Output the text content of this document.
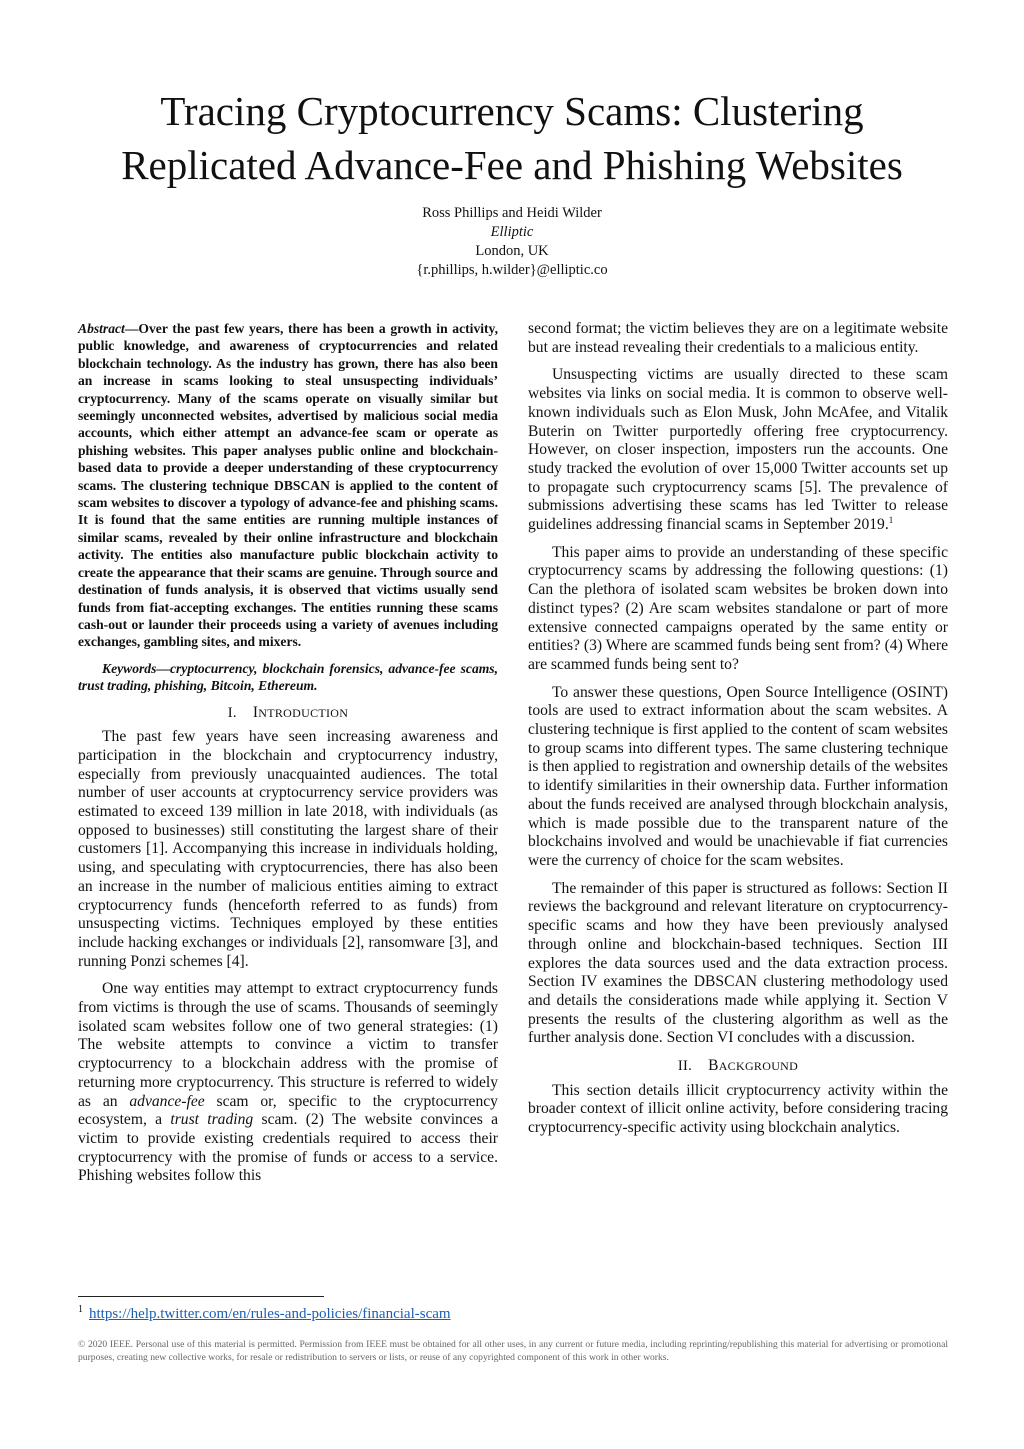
Tracing Cryptocurrency Scams: Clustering
Replicated Advance-Fee and Phishing Websites
Ross Phillips and Heidi Wilder
Elliptic
London, UK
{r.phillips, h.wilder}@elliptic.co

Abstract—Over the past few years, there has been a growth in activity, public knowledge, and awareness of cryptocurrencies and related blockchain technology. As the industry has grown, there has also been an increase in scams looking to steal unsuspecting individuals’ cryptocurrency. Many of the scams operate on visually similar but seemingly unconnected websites, advertised by malicious social media accounts, which either attempt an advance-fee scam or operate as phishing websites. This paper analyses public online and blockchain-based data to provide a deeper understanding of these cryptocurrency scams. The clustering technique DBSCAN is applied to the content of scam websites to discover a typology of advance-fee and phishing scams. It is found that the same entities are running multiple instances of similar scams, revealed by their online infrastructure and blockchain activity. The entities also manufacture public blockchain activity to create the appearance that their scams are genuine. Through source and destination of funds analysis, it is observed that victims usually send funds from fiat-accepting exchanges. The entities running these scams cash-out or launder their proceeds using a variety of avenues including exchanges, gambling sites, and mixers.

Keywords—cryptocurrency, blockchain forensics, advance-fee scams, trust trading, phishing, Bitcoin, Ethereum.

I. INTRODUCTION

The past few years have seen increasing awareness and participation in the blockchain and cryptocurrency industry, especially from previously unacquainted audiences. The total number of user accounts at cryptocurrency service providers was estimated to exceed 139 million in late 2018, with individuals (as opposed to businesses) still constituting the largest share of their customers [1]. Accompanying this increase in individuals holding, using, and speculating with cryptocurrencies, there has also been an increase in the number of malicious entities aiming to extract cryptocurrency funds (henceforth referred to as funds) from unsuspecting victims. Techniques employed by these entities include hacking exchanges or individuals [2], ransomware [3], and running Ponzi schemes [4].

One way entities may attempt to extract cryptocurrency funds from victims is through the use of scams. Thousands of seemingly isolated scam websites follow one of two general strategies: (1) The website attempts to convince a victim to transfer cryptocurrency to a blockchain address with the promise of returning more cryptocurrency. This structure is referred to widely as an advance-fee scam or, specific to the cryptocurrency ecosystem, a trust trading scam. (2) The website convinces a victim to provide existing credentials required to access their cryptocurrency with the promise of funds or access to a service. Phishing websites follow this

second format; the victim believes they are on a legitimate website but are instead revealing their credentials to a malicious entity.

Unsuspecting victims are usually directed to these scam websites via links on social media. It is common to observe well-known individuals such as Elon Musk, John McAfee, and Vitalik Buterin on Twitter purportedly offering free cryptocurrency. However, on closer inspection, imposters run the accounts. One study tracked the evolution of over 15,000 Twitter accounts set up to propagate such cryptocurrency scams [5]. The prevalence of submissions advertising these scams has led Twitter to release guidelines addressing financial scams in September 2019.$^1$

This paper aims to provide an understanding of these specific cryptocurrency scams by addressing the following questions: (1) Can the plethora of isolated scam websites be broken down into distinct types? (2) Are scam websites standalone or part of more extensive connected campaigns operated by the same entity or entities? (3) Where are scammed funds being sent from? (4) Where are scammed funds being sent to?

To answer these questions, Open Source Intelligence (OSINT) tools are used to extract information about the scam websites. A clustering technique is first applied to the content of scam websites to group scams into different types. The same clustering technique is then applied to registration and ownership details of the websites to identify similarities in their ownership data. Further information about the funds received are analysed through blockchain analysis, which is made possible due to the transparent nature of the blockchains involved and would be unachievable if fiat currencies were the currency of choice for the scam websites.

The remainder of this paper is structured as follows: Section II reviews the background and relevant literature on cryptocurrency-specific scams and how they have been previously analysed through online and blockchain-based techniques. Section III explores the data sources used and the data extraction process. Section IV examines the DBSCAN clustering methodology used and details the considerations made while applying it. Section V presents the results of the clustering algorithm as well as the further analysis done. Section VI concludes with a discussion.

II. BACKGROUND

This section details illicit cryptocurrency activity within the broader context of illicit online activity, before considering tracing cryptocurrency-specific activity using blockchain analytics.

$^1$ https://help.twitter.com/en/rules-and-policies/financial-scam
© 2020 IEEE. Personal use of this material is permitted. Permission from IEEE must be obtained for all other uses, in any current or future media, including reprinting/republishing this material for advertising or promotional purposes, creating new collective works, for resale or redistribution to servers or lists, or reuse of any copyrighted component of this work in other works.
